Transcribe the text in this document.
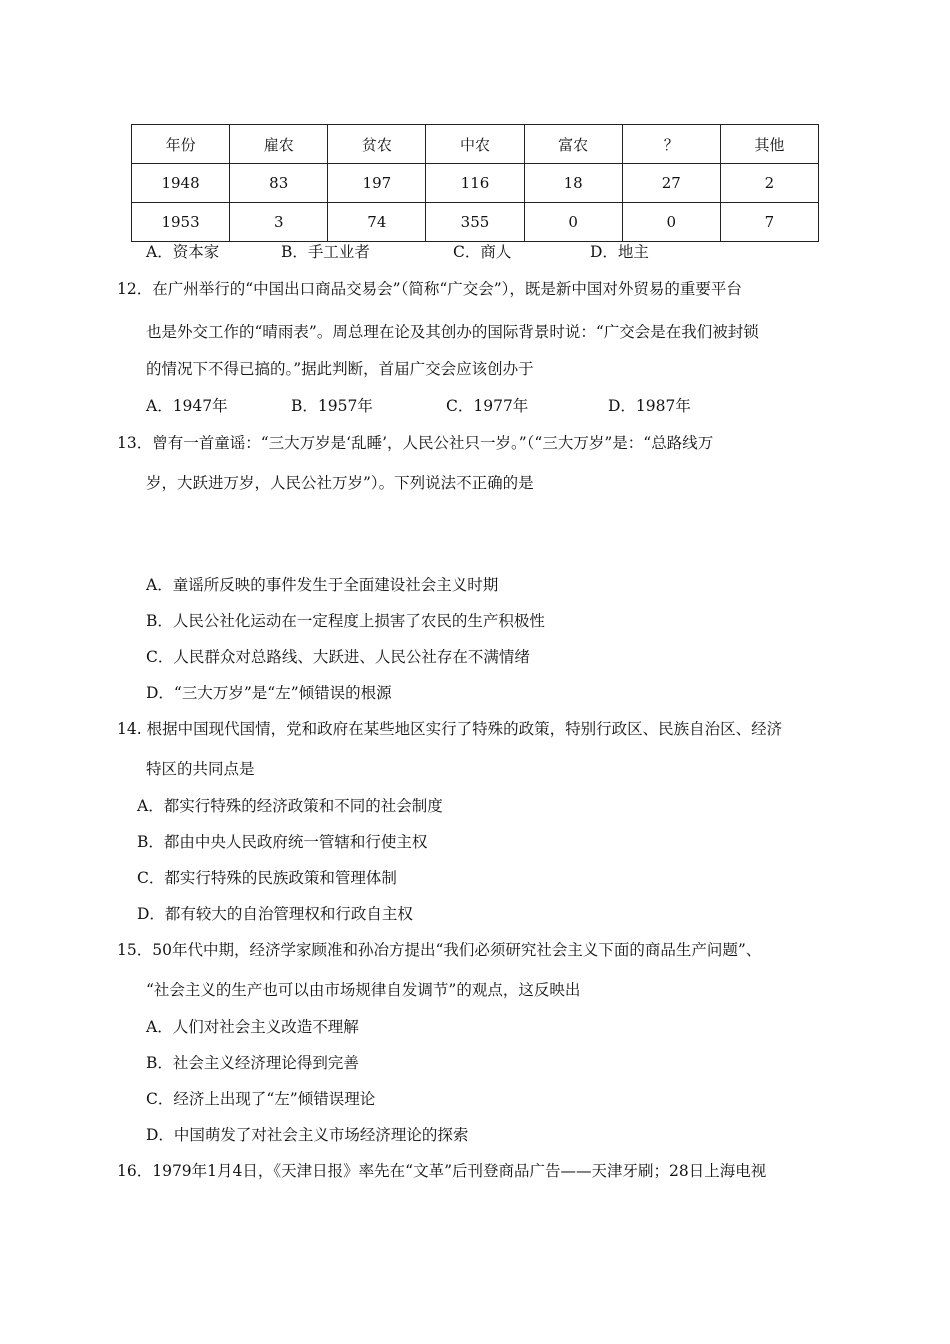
年份	雇农	贫农	中农	富农	？	其他
1948	83	197	116	18	27	2
1953	3	74	355	0	0	7
A．资本家	B．手工业者	C．商人	D．地主
12．在广州举行的“中国出口商品交易会”（简称“广交会”），既是新中国对外贸易的重要平台
也是外交工作的“晴雨表”。周总理在论及其创办的国际背景时说：“广交会是在我们被封锁
的情况下不得已搞的。”据此判断，首届广交会应该创办于
A．1947年	B．1957年	C．1977年	D．1987年
13．曾有一首童谣：“三大万岁是‘乱睡’，人民公社只一岁。”（“三大万岁”是：“总路线万
岁，大跃进万岁，人民公社万岁”）。下列说法不正确的是
A．童谣所反映的事件发生于全面建设社会主义时期
B．人民公社化运动在一定程度上损害了农民的生产积极性
C．人民群众对总路线、大跃进、人民公社存在不满情绪
D．“三大万岁”是“左”倾错误的根源
14. 根据中国现代国情，党和政府在某些地区实行了特殊的政策，特别行政区、民族自治区、经济
特区的共同点是
A．都实行特殊的经济政策和不同的社会制度
B．都由中央人民政府统一管辖和行使主权
C．都实行特殊的民族政策和管理体制
D．都有较大的自治管理权和行政自主权
15．50年代中期，经济学家顾准和孙冶方提出“我们必须研究社会主义下面的商品生产问题”、
“社会主义的生产也可以由市场规律自发调节”的观点，这反映出
A．人们对社会主义改造不理解
B．社会主义经济理论得到完善
C．经济上出现了“左”倾错误理论
D．中国萌发了对社会主义市场经济理论的探索
16．1979年1月4日，《天津日报》率先在“文革”后刊登商品广告——天津牙刷；28日上海电视
